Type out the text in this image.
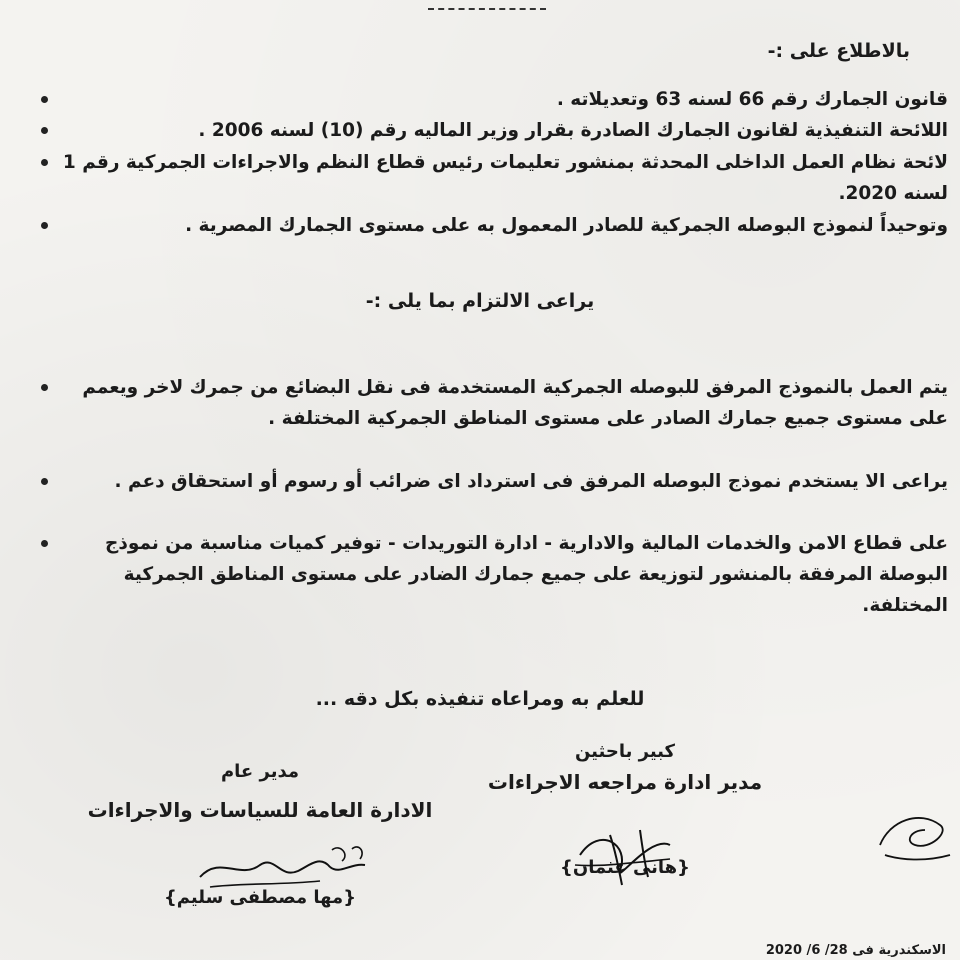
بالاطلاع على :-
قانون الجمارك رقم 66 لسنه 63 وتعديلاته .
اللائحة التنفيذية لقانون الجمارك الصادرة بقرار وزير الماليه رقم (10) لسنه 2006 .
لائحة نظام العمل الداخلى المحدثة بمنشور تعليمات رئيس قطاع النظم والاجراءات الجمركية رقم 1 لسنه 2020.
وتوحيداً لنموذج البوصله الجمركية للصادر المعمول به على مستوى الجمارك المصرية .
يراعى الالتزام بما يلى :-
يتم العمل بالنموذج المرفق للبوصله الجمركية المستخدمة فى نقل البضائع من جمرك لاخر ويعمم على مستوى جميع جمارك الصادر على مستوى المناطق الجمركية المختلفة .
يراعى الا يستخدم نموذج البوصله المرفق فى استرداد اى ضرائب أو رسوم أو استحقاق دعم .
على قطاع الامن والخدمات المالية والادارية - ادارة التوريدات - توفير كميات مناسبة من نموذج البوصلة المرفقة بالمنشور لتوزيعة على جميع جمارك الضادر على مستوى المناطق الجمركية المختلفة.
للعلم به ومراعاه تنفيذه بكل دقه ...
كبير باحثين
مدير ادارة مراجعه الاجراءات
{هانى عثمان}
مدير عام
الادارة العامة للسياسات والاجراءات
{مها مصطفى سليم}
الاسكندرية فى 28/ 6/ 2020
